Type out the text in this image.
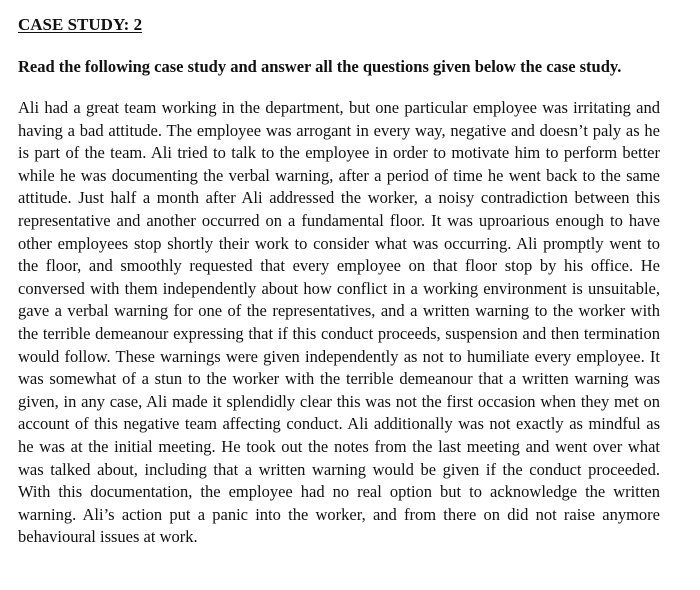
CASE STUDY: 2

Read the following case study and answer all the questions given below the case study.

Ali had a great team working in the department, but one particular employee was irritating and having a bad attitude. The employee was arrogant in every way, negative and doesn’t paly as he is part of the team. Ali tried to talk to the employee in order to motivate him to perform better while he was documenting the verbal warning, after a period of time he went back to the same attitude. Just half a month after Ali addressed the worker, a noisy contradiction between this representative and another occurred on a fundamental floor. It was uproarious enough to have other employees stop shortly their work to consider what was occurring. Ali promptly went to the floor, and smoothly requested that every employee on that floor stop by his office. He conversed with them independently about how conflict in a working environment is unsuitable, gave a verbal warning for one of the representatives, and a written warning to the worker with the terrible demeanour expressing that if this conduct proceeds, suspension and then termination would follow. These warnings were given independently as not to humiliate every employee. It was somewhat of a stun to the worker with the terrible demeanour that a written warning was given, in any case, Ali made it splendidly clear this was not the first occasion when they met on account of this negative team affecting conduct. Ali additionally was not exactly as mindful as he was at the initial meeting. He took out the notes from the last meeting and went over what was talked about, including that a written warning would be given if the conduct proceeded. With this documentation, the employee had no real option but to acknowledge the written warning. Ali’s action put a panic into the worker, and from there on did not raise anymore behavioural issues at work.
